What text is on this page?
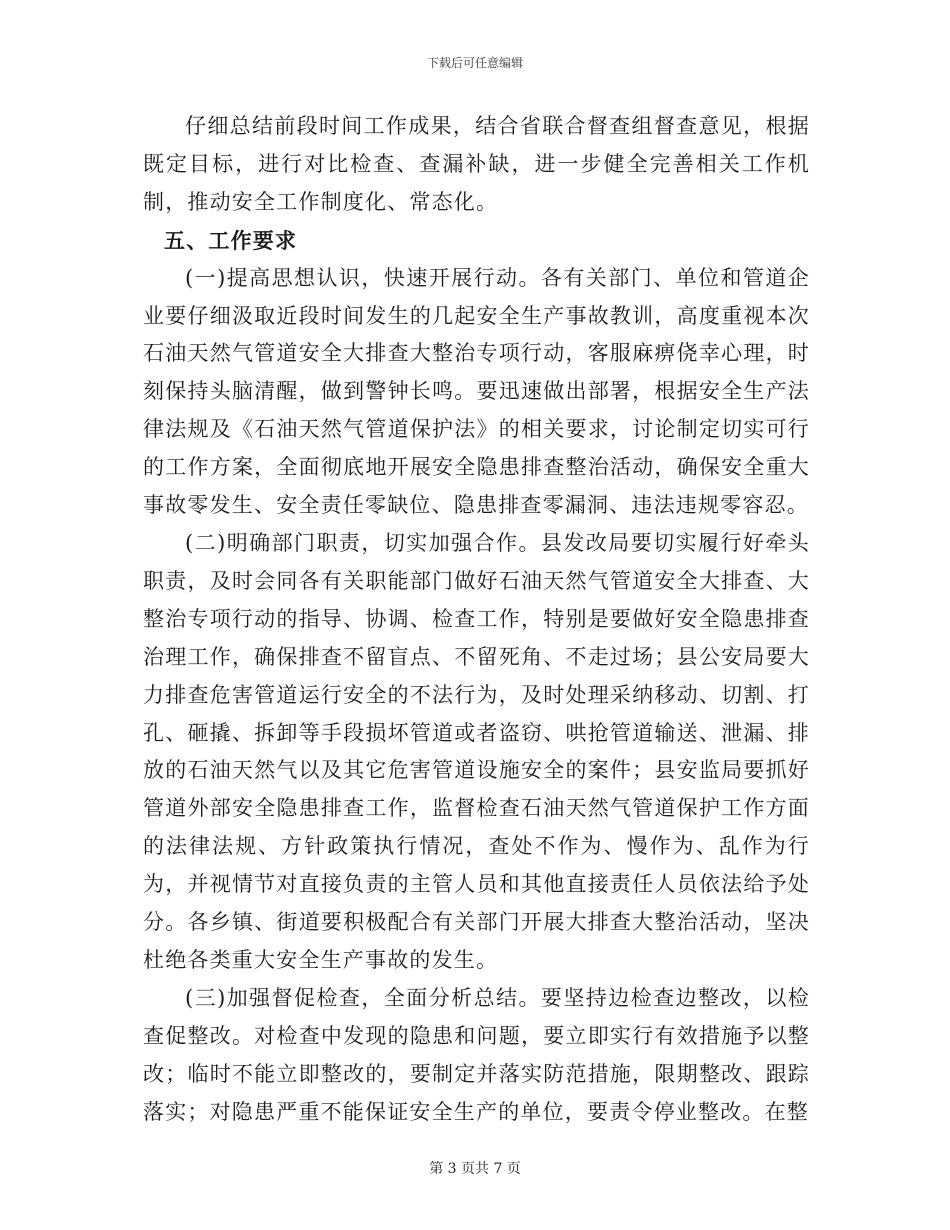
下载后可任意编辑

仔细总结前段时间工作成果，结合省联合督查组督查意见，根据既定目标，进行对比检查、查漏补缺，进一步健全完善相关工作机制，推动安全工作制度化、常态化。

五、工作要求

(一)提高思想认识，快速开展行动。各有关部门、单位和管道企业要仔细汲取近段时间发生的几起安全生产事故教训，高度重视本次石油天然气管道安全大排查大整治专项行动，客服麻痹侥幸心理，时刻保持头脑清醒，做到警钟长鸣。要迅速做出部署，根据安全生产法律法规及《石油天然气管道保护法》的相关要求，讨论制定切实可行的工作方案，全面彻底地开展安全隐患排查整治活动，确保安全重大事故零发生、安全责任零缺位、隐患排查零漏洞、违法违规零容忍。

(二)明确部门职责，切实加强合作。县发改局要切实履行好牵头职责，及时会同各有关职能部门做好石油天然气管道安全大排查、大整治专项行动的指导、协调、检查工作，特别是要做好安全隐患排查治理工作，确保排查不留盲点、不留死角、不走过场；县公安局要大力排查危害管道运行安全的不法行为，及时处理采纳移动、切割、打孔、砸撬、拆卸等手段损坏管道或者盗窃、哄抢管道输送、泄漏、排放的石油天然气以及其它危害管道设施安全的案件；县安监局要抓好管道外部安全隐患排查工作，监督检查石油天然气管道保护工作方面的法律法规、方针政策执行情况，查处不作为、慢作为、乱作为行为，并视情节对直接负责的主管人员和其他直接责任人员依法给予处分。各乡镇、街道要积极配合有关部门开展大排查大整治活动，坚决杜绝各类重大安全生产事故的发生。

(三)加强督促检查，全面分析总结。要坚持边检查边整改，以检查促整改。对检查中发现的隐患和问题，要立即实行有效措施予以整改；临时不能立即整改的，要制定并落实防范措施，限期整改、跟踪落实；对隐患严重不能保证安全生产的单位，要责令停业整改。在整

第 3 页共 7 页
